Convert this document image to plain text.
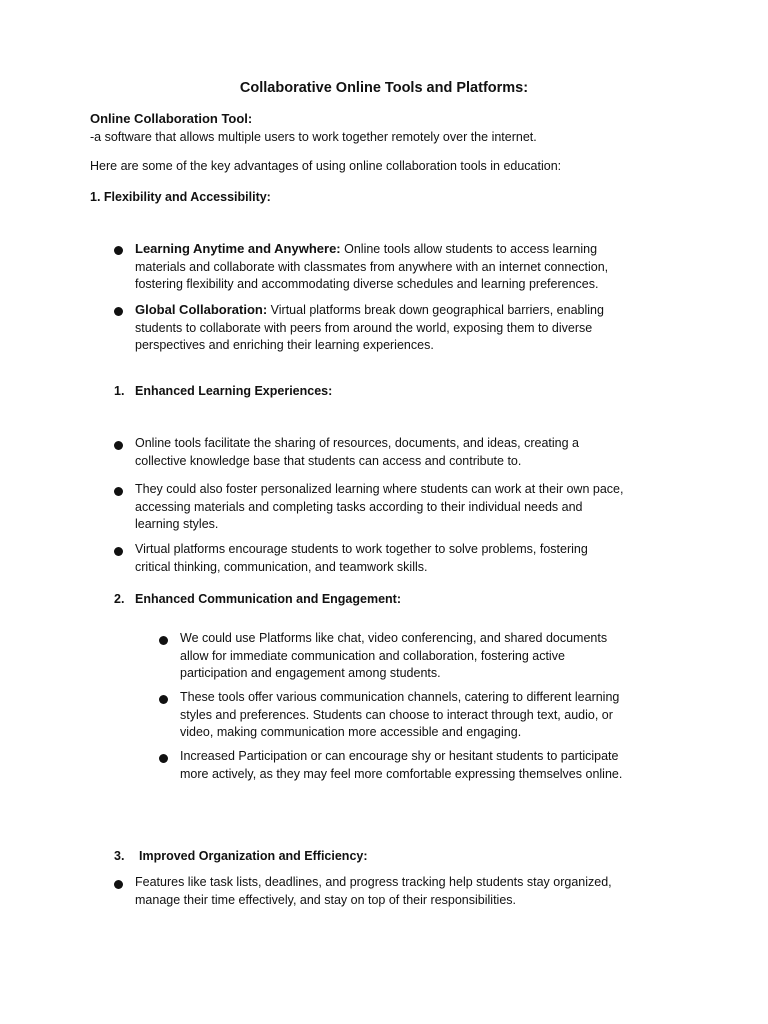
Collaborative Online Tools and Platforms:
Online Collaboration Tool:
-a software that allows multiple users to work together remotely over the internet.
Here are some of the key advantages of using online collaboration tools in education:
1. Flexibility and Accessibility:
Learning Anytime and Anywhere: Online tools allow students to access learning
materials and collaborate with classmates from anywhere with an internet connection,
fostering flexibility and accommodating diverse schedules and learning preferences.
Global Collaboration: Virtual platforms break down geographical barriers, enabling
students to collaborate with peers from around the world, exposing them to diverse
perspectives and enriching their learning experiences.
1. Enhanced Learning Experiences:
Online tools facilitate the sharing of resources, documents, and ideas, creating a
collective knowledge base that students can access and contribute to.
They could also foster personalized learning where students can work at their own pace,
accessing materials and completing tasks according to their individual needs and
learning styles.
Virtual platforms encourage students to work together to solve problems, fostering
critical thinking, communication, and teamwork skills.
2. Enhanced Communication and Engagement:
We could use Platforms like chat, video conferencing, and shared documents
allow for immediate communication and collaboration, fostering active
participation and engagement among students.
These tools offer various communication channels, catering to different learning
styles and preferences. Students can choose to interact through text, audio, or
video, making communication more accessible and engaging.
Increased Participation or can encourage shy or hesitant students to participate
more actively, as they may feel more comfortable expressing themselves online.
3. Improved Organization and Efficiency:
Features like task lists, deadlines, and progress tracking help students stay organized,
manage their time effectively, and stay on top of their responsibilities.
